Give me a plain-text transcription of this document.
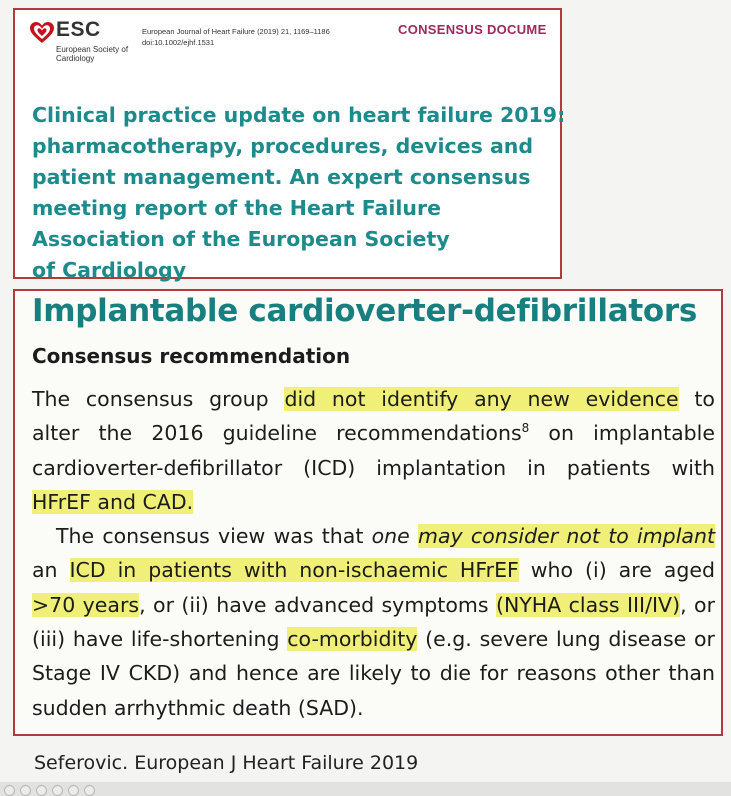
ESC
European Society of Cardiology
European Journal of Heart Failure (2019) 21, 1169–1186
doi:10.1002/ejhf.1531
CONSENSUS DOCUME
Clinical practice update on heart failure 2019:
pharmacotherapy, procedures, devices and
patient management. An expert consensus
meeting report of the Heart Failure
Association of the European Society
of Cardiology
Implantable cardioverter-defibrillators
Consensus recommendation
The consensus group did not identify any new evidence to
alter the 2016 guideline recommendations$^8$ on implantable
cardioverter-defibrillator (ICD) implantation in patients with
HFrEF and CAD.
The consensus view was that one may consider not to implant
an ICD in patients with non-ischaemic HFrEF who (i) are aged
>70 years, or (ii) have advanced symptoms (NYHA class III/IV), or
(iii) have life-shortening co-morbidity (e.g. severe lung disease or
Stage IV CKD) and hence are likely to die for reasons other than
sudden arrhythmic death (SAD).
Seferovic. European J Heart Failure 2019
